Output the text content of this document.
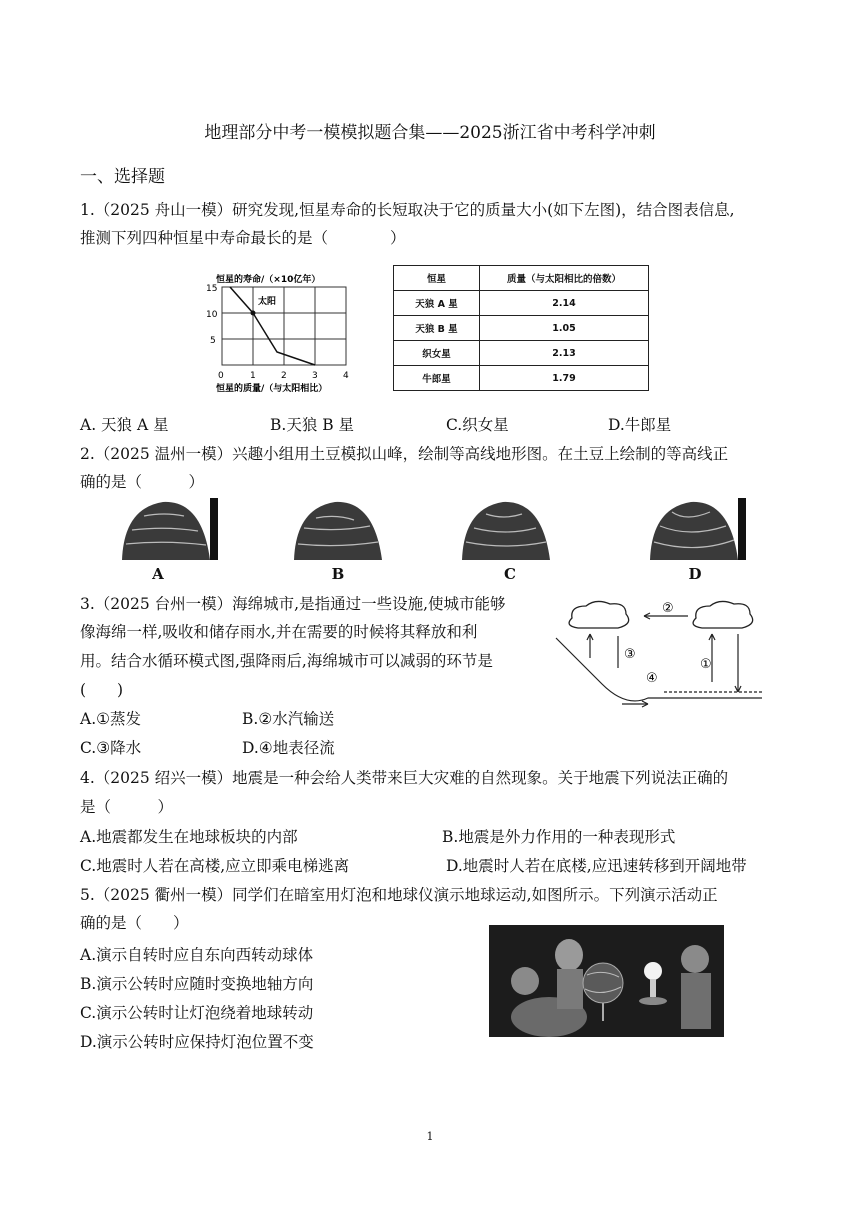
地理部分中考一模模拟题合集——2025浙江省中考科学冲刺
一、选择题
1.（2025 舟山一模）研究发现,恒星寿命的长短取决于它的质量大小(如下左图)，结合图表信息,
推测下列四种恒星中寿命最长的是（　　　　）
恒星的寿命/（×10亿年）
太阳
15
10
5
0	1	2	3	4
恒星的质量/（与太阳相比）
恒星	质量（与太阳相比的倍数）
天狼 A 星	2.14
天狼 B 星	1.05
织女星	2.13
牛郎星	1.79
A. 天狼 A 星	B.天狼 B 星	C.织女星	D.牛郎星
2.（2025 温州一模）兴趣小组用土豆模拟山峰，绘制等高线地形图。在土豆上绘制的等高线正
确的是（　　　）
A	B	C	D
3.（2025 台州一模）海绵城市,是指通过一些设施,使城市能够
像海绵一样,吸收和储存雨水,并在需要的时候将其释放和利
用。结合水循环模式图,强降雨后,海绵城市可以减弱的环节是
(　　)
②
③
①
④
A.①蒸发	B.②水汽输送
C.③降水	D.④地表径流
4.（2025 绍兴一模）地震是一种会给人类带来巨大灾难的自然现象。关于地震下列说法正确的
是（　　　）
A.地震都发生在地球板块的内部	B.地震是外力作用的一种表现形式
C.地震时人若在高楼,应立即乘电梯逃离	D.地震时人若在底楼,应迅速转移到开阔地带
5.（2025 衢州一模）同学们在暗室用灯泡和地球仪演示地球运动,如图所示。下列演示活动正
确的是（　　）
A.演示自转时应自东向西转动球体
B.演示公转时应随时变换地轴方向
C.演示公转时让灯泡绕着地球转动
D.演示公转时应保持灯泡位置不变
1
